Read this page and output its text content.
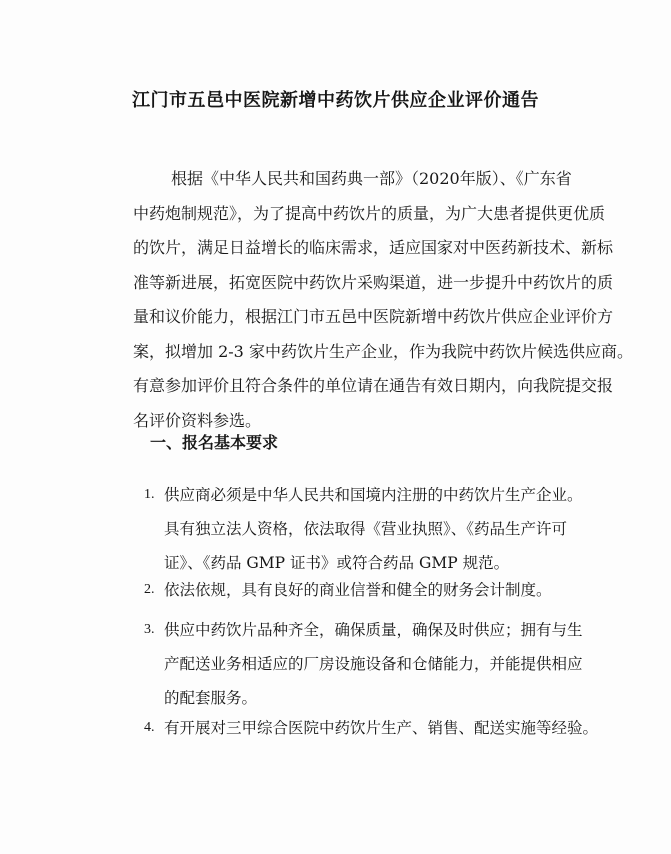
江门市五邑中医院新增中药饮片供应企业评价通告
根据《中华人民共和国药典一部》（2020年版）、《广东省
中药炮制规范》，为了提高中药饮片的质量，为广大患者提供更优质
的饮片，满足日益增长的临床需求，适应国家对中医药新技术、新标
准等新进展，拓宽医院中药饮片采购渠道，进一步提升中药饮片的质
量和议价能力，根据江门市五邑中医院新增中药饮片供应企业评价方
案，拟增加 2-3 家中药饮片生产企业，作为我院中药饮片候选供应商。
有意参加评价且符合条件的单位请在通告有效日期内，向我院提交报
名评价资料参选。
一、报名基本要求
1. 供应商必须是中华人民共和国境内注册的中药饮片生产企业。
具有独立法人资格，依法取得《营业执照》、《药品生产许可
证》、《药品 GMP 证书》或符合药品 GMP 规范。
2. 依法依规，具有良好的商业信誉和健全的财务会计制度。
3. 供应中药饮片品种齐全，确保质量，确保及时供应；拥有与生
产配送业务相适应的厂房设施设备和仓储能力，并能提供相应
的配套服务。
4. 有开展对三甲综合医院中药饮片生产、销售、配送实施等经验。
